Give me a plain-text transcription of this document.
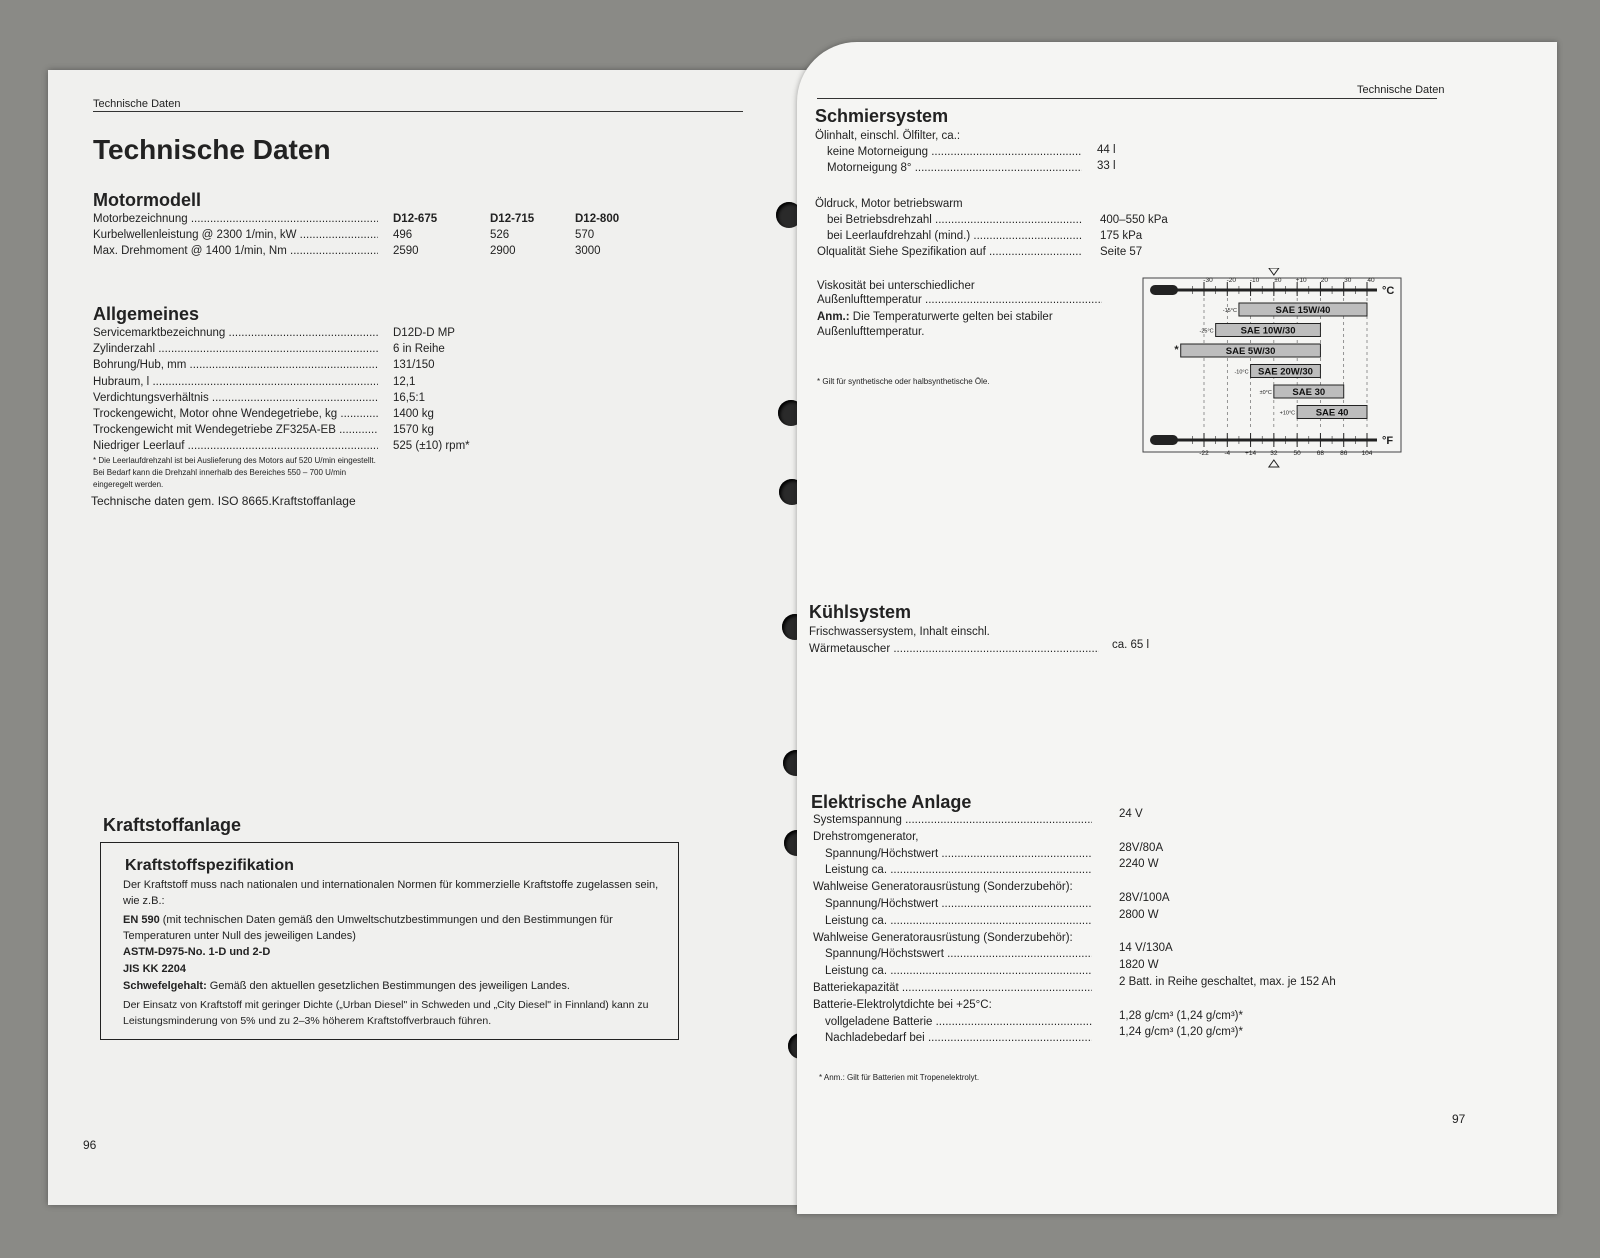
Technische Daten
Technische Daten
Motormodell
Motorbezeichnung .....	D12-675	D12-715	D12-800
Kurbelwellenleistung @ 2300 1/min, kW .....	496	526	570
Max. Drehmoment @ 1400 1/min, Nm .....	2590	2900	3000
Allgemeines
Servicemarktbezeichnung .....	D12D-D MP
Zylinderzahl .....	6 in Reihe
Bohrung/Hub, mm .....	131/150
Hubraum, l .....	12,1
Verdichtungsverhältnis .....	16,5:1
Trockengewicht, Motor ohne Wendegetriebe, kg .....	1400 kg
Trockengewicht mit Wendegetriebe ZF325A-EB .....	1570 kg
Niedriger Leerlauf .....	525 (±10) rpm*
* Die Leerlaufdrehzahl ist bei Auslieferung des Motors auf 520 U/min eingestellt. Bei Bedarf kann die Drehzahl innerhalb des Bereiches 550 – 700 U/min eingeregelt werden.
Technische daten gem. ISO 8665.Kraftstoffanlage
Kraftstoffanlage
Kraftstoffspezifikation

Der Kraftstoff muss nach nationalen und internationalen Normen für kommerzielle Kraftstoffe zugelassen sein, wie z.B.:

EN 590 (mit technischen Daten gemäß den Umweltschutzbestimmungen und den Bestimmungen für Temperaturen unter Null des jeweiligen Landes)

ASTM-D975-No. 1-D und 2-D

JIS KK 2204

Schwefelgehalt: Gemäß den aktuellen gesetzlichen Bestimmungen des jeweiligen Landes.

Der Einsatz von Kraftstoff mit geringer Dichte („Urban Diesel" in Schweden und „City Diesel" in Finnland) kann zu Leistungsminderung von 5% und zu 2–3% höherem Kraftstoffverbrauch führen.

96
Technische Daten
Schmiersystem
Ölinhalt, einschl. Ölfilter, ca.:
keine Motorneigung .....	44 l
Motorneigung 8° .....	33 l
Öldruck, Motor betriebswarm
bei Betriebsdrehzahl .....	400–550 kPa
bei Leerlaufdrehzahl (mind.) .....	175 kPa
Ölqualität Siehe Spezifikation auf .....	Seite 57
Viskosität bei unterschiedlicher
Außenlufttemperatur .....
Anm.: Die Temperaturwerte gelten bei stabiler Außenlufttemperatur.
* Gilt für synthetische oder halbsynthetische Öle.
-30 -20 -10 ±0 +10 20 30 40
°C
-22 -4 +14 32 50 68 86 104
°F
SAE 15W/40
-15°C
SAE 10W/30
-25°C
SAE 5W/30
*
SAE 20W/30
-10°C
SAE 30
±0°C
SAE 40
+10°C
Kühlsystem
Frischwassersystem, Inhalt einschl.
Wärmetauscher .....	ca. 65 l
Elektrische Anlage
Systemspannung .....	24 V
Drehstromgenerator,
Spannung/Höchstwert .....	28V/80A
Leistung ca. .....	2240 W
Wahlweise Generatorausrüstung (Sonderzubehör):
Spannung/Höchstwert .....	28V/100A
Leistung ca. .....	2800 W
Wahlweise Generatorausrüstung (Sonderzubehör):
Spannung/Höchstswert .....	14 V/130A
Leistung ca. .....	1820 W
Batteriekapazität .....	2 Batt. in Reihe geschaltet, max. je 152 Ah
Batterie-Elektrolytdichte bei +25°C:
vollgeladene Batterie .....	1,28 g/cm³ (1,24 g/cm³)*
Nachladebedarf bei .....	1,24 g/cm³ (1,20 g/cm³)*
* Anm.: Gilt für Batterien mit Tropenelektrolyt.
97
